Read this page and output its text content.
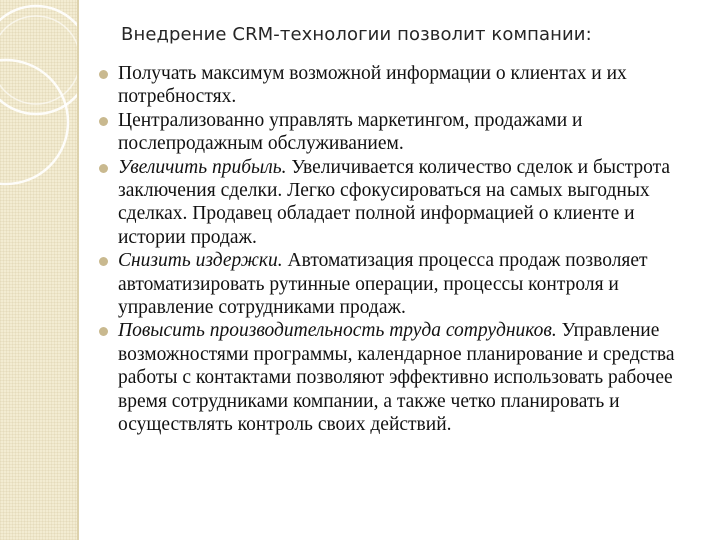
Внедрение CRM-технологии позволит компании:
Получать максимум возможной информации о клиентах и их потребностях.
Централизованно управлять маркетингом, продажами и послепродажным обслуживанием.
Увеличить прибыль. Увеличивается количество сделок и быстрота заключения сделки. Легко сфокусироваться на самых выгодных сделках. Продавец обладает полной информацией о клиенте и истории продаж.
Снизить издержки. Автоматизация процесса продаж позволяет автоматизировать рутинные операции, процессы контроля и управление сотрудниками продаж.
Повысить производительность труда сотрудников. Управление возможностями программы, календарное планирование и средства работы с контактами позволяют эффективно использовать рабочее время сотрудниками компании, а также четко планировать и осуществлять контроль своих действий.
